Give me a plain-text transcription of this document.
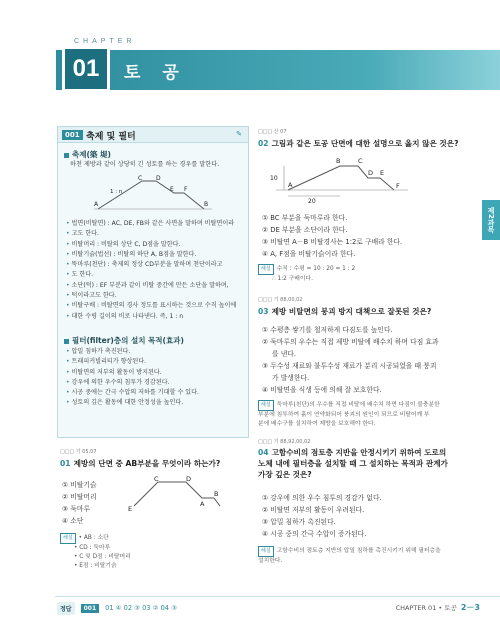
CHAPTER
01	토 공
제2과목
001 축제 및 필터	✎
축제(築 堤)
하천 제방과 같이 상당히 긴 성토를 하는 경우를 말한다.
C D
E F
A	B
1 : n
• 법면(비탈면) : AC, DE, FB와 같은 사면을 말하며 비탈면이라
• 고도 한다.
• 비탈머리 : 비탈의 상단 C, D점을 말한다.
• 비탈기슭(법선) : 비탈의 하단 A, B점을 말한다.
• 뚝마루(천단) : 축제의 정상 CD부분을 말하며 천단이라고
• 도 한다.
• 소단(턱) : EF 부분과 같이 비탈 중간에 만든 소단을 말하며,
• 턱이라고도 한다.
• 비탈구배 : 비탈면의 경사 정도를 표시하는 것으로 수직 높이에
• 대한 수평 길이의 비로 나타낸다. 즉, 1 : n
필터(filter)층의 설치 목적(효과)
• 압밀 침하가 촉진된다.
• 트래피커빌리티가 향상된다.
• 비탈면의 저부의 활동이 방지된다.
• 강우에 의한 우수의 침투가 경감된다.
• 시공 중에는 간극 수압의 저하를 기대할 수 있다.
• 성토의 깊은 활동에 대한 안정성을 높인다.
□□□ 기 05,07
01 제방의 단면 중 AB부분을 무엇이라 하는가?
① 비탈기슭
② 비탈머리
③ 둑마루
④ 소단
C	D
B
A
E
해설 • AB : 소단
• CD : 둑마루
• C 및 D점 : 비탈머리
• E점 : 비탈기슭
□□□ 산 07
02 그림과 같은 토공 단면에 대한 설명으로 옳지 않은 것은?
B	C
D E
F
A
10
20
① BC 부분을 둑마루라 한다.
② DE 부분을 소단이라 한다.
③ 비탈면 A－B 비탈경사는 1:2로 구배라 한다.
④ A, F점을 비탈기슭이라 한다.
해설 수직 : 수평 = 10 : 20 = 1 : 2
∴ 1:2 구배이다.
□□□ 기 88,00,02
03 제방 비탈면의 붕괴 방지 대책으로 잘못된 것은?
① 수평층 쌓기를 철저하게 다짐도를 높인다.
② 둑마루의 우수는 직접 제방 비탈에 배수치 하며 다짐 효과
를 낸다.
③ 두수성 재료와 불투수성 재료가 분리 시공되었을 때 붕괴
가 발생한다.
④ 비탈면을 식생 등에 의해 잘 보호한다.
해설 둑마루(천단)의 우수를 직접 비탈에 배수치 하면 다짐이 불충분한
부분에 침투하여 흙이 연약화되어 붕괴의 원인이 되므로 비탈어깨 부
분에 배수구를 설치하여 제방을 보호해야 한다.
□□□ 기 88,92,00,02
04 고함수비의 점토층 지반을 안정시키기 위하여 도로의
노체 내에 필터층을 설치할 때 그 설치하는 목적과 관계가
가장 깊은 것은?
① 강우에 의한 우수 침투의 경감가 없다.
② 비탈면 저부의 활동이 우려된다.
③ 압밀 침하가 촉진된다.
④ 시공 중의 간극 수압이 증가된다.
해설 고함수비의 점토층 지반의 압밀 침하를 촉진시키기 위해 필터층을
설치한다.
정답	001	01 ④ 02 ③ 03 ② 04 ③	CHAPTER 01 • 토공 2－3
